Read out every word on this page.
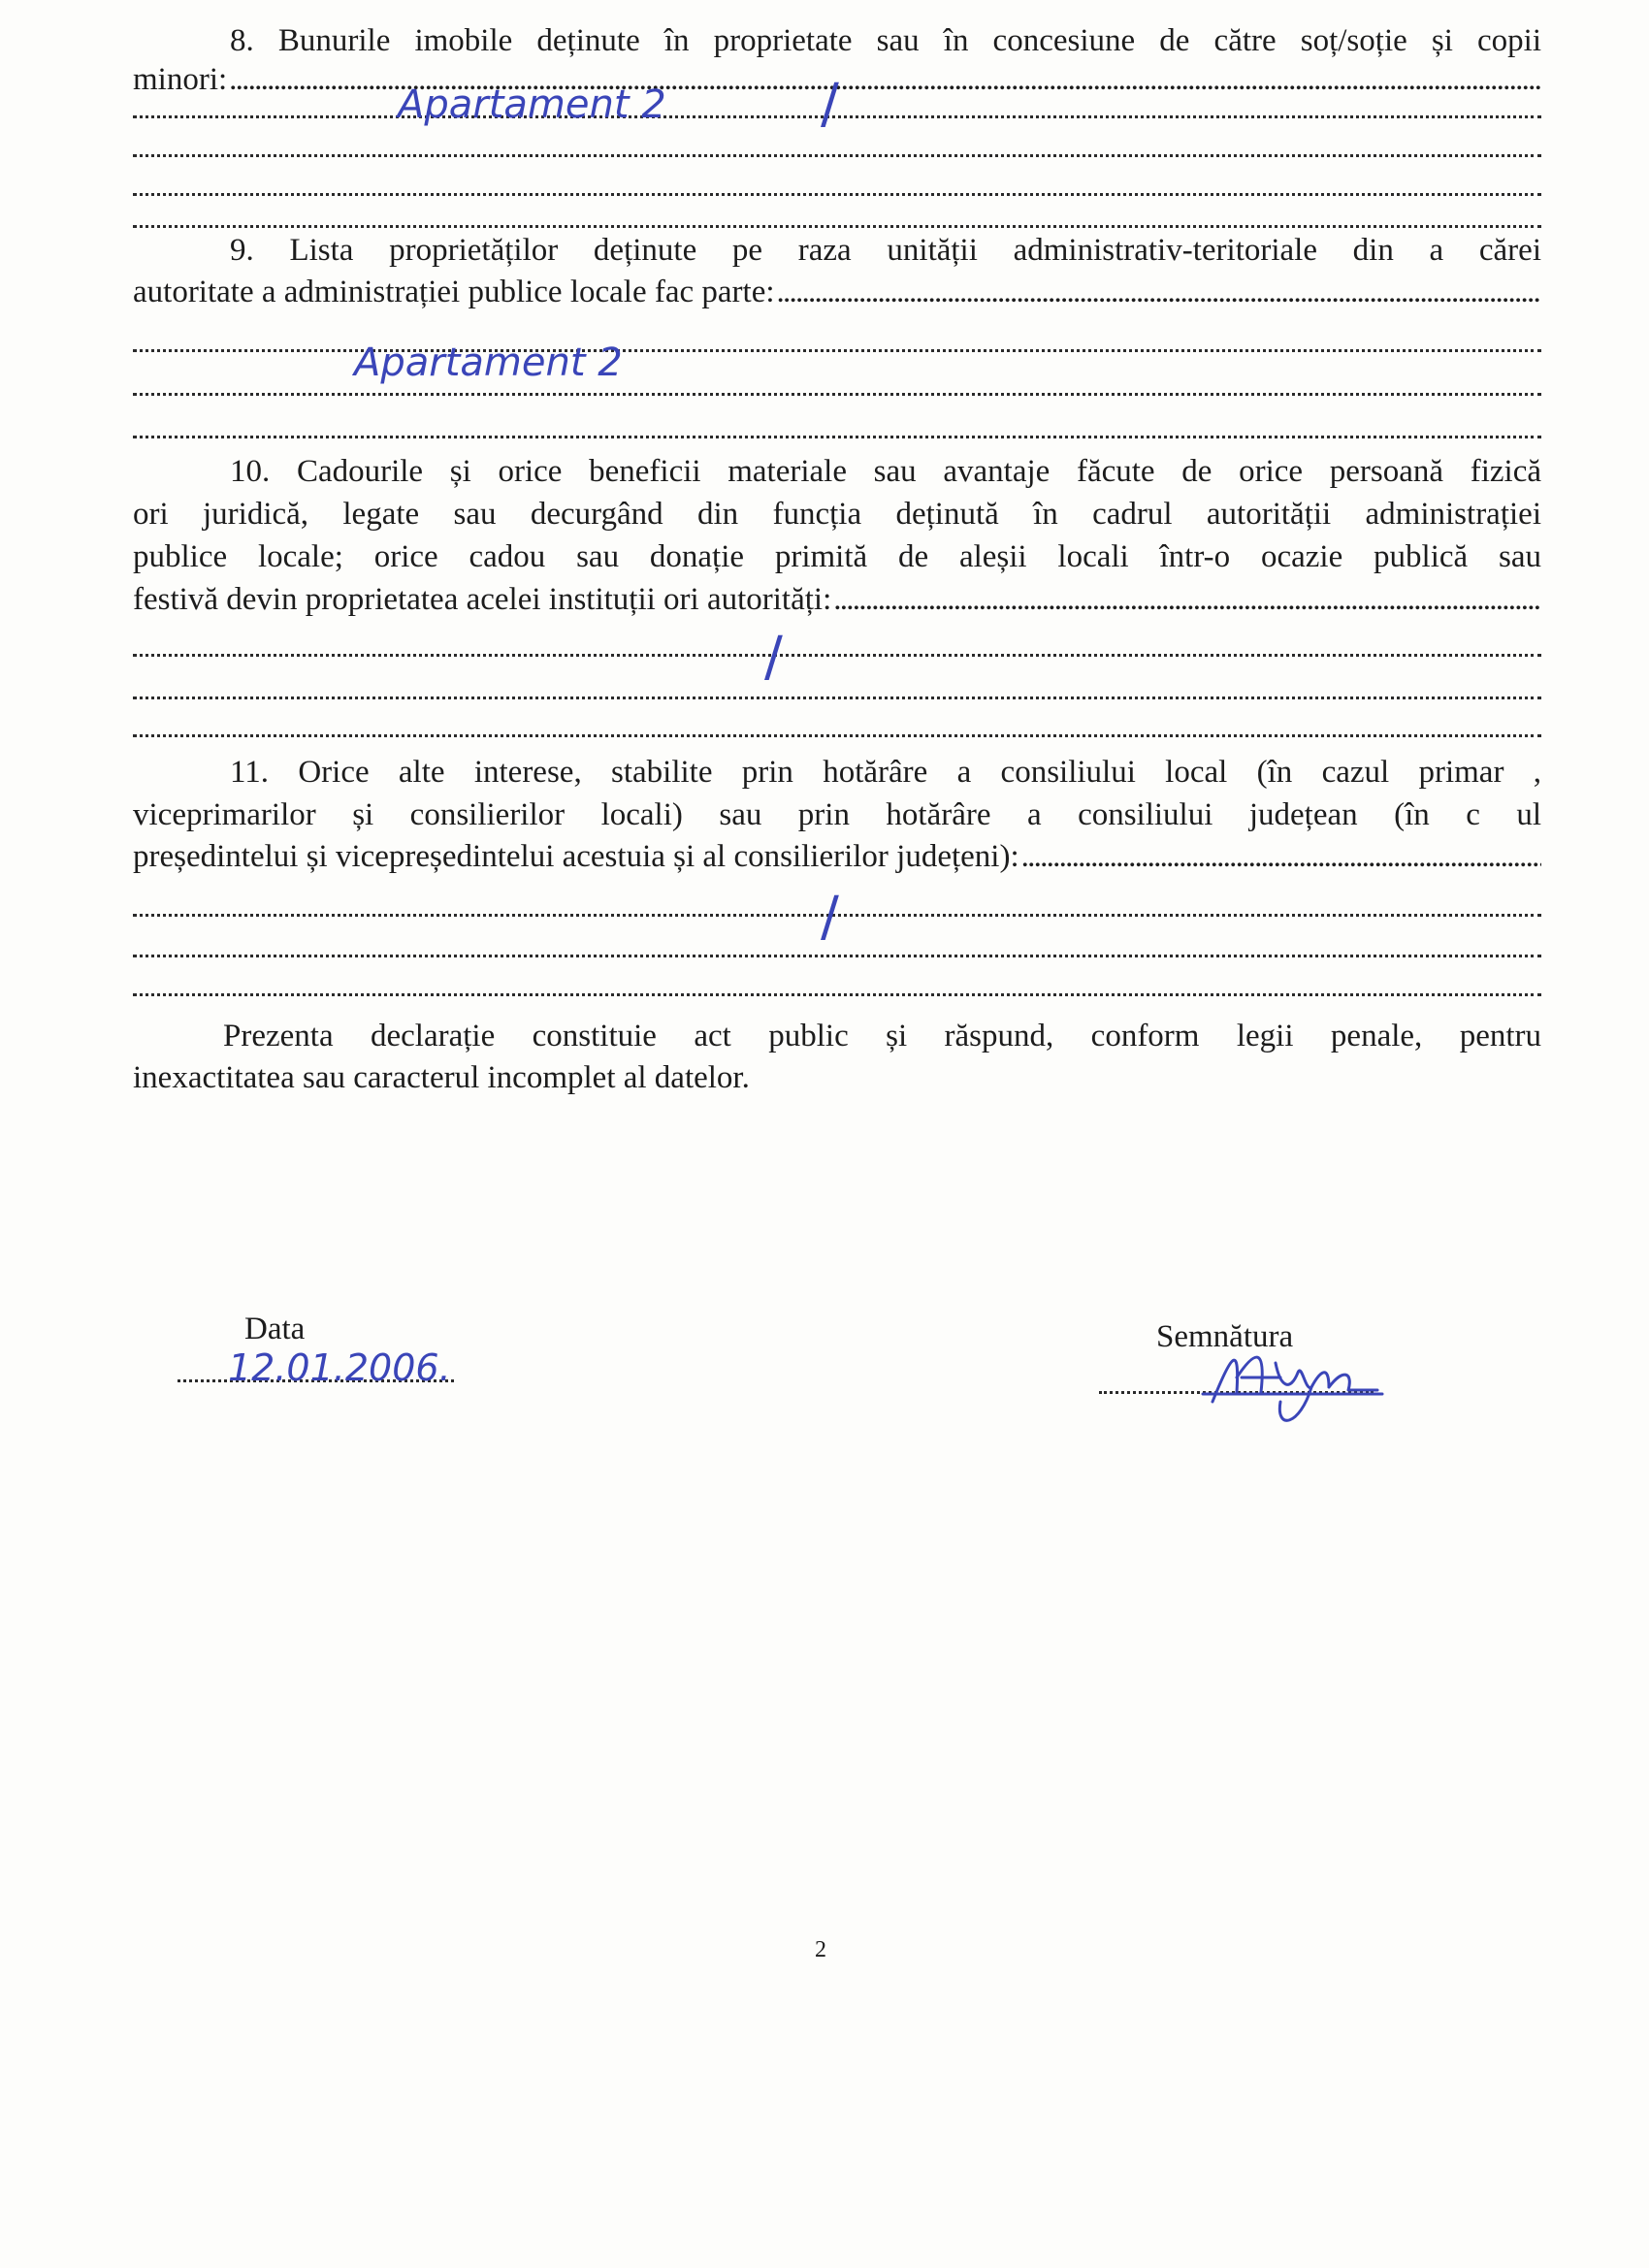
8. Bunurile imobile deținute în proprietate sau în concesiune de către soț/soție și copii
minori:
. . .
Apartament 2	/
9. Lista proprietăților deținute pe raza unității administrativ-teritoriale din a cărei
autoritate a administrației publice locale fac parte:
. . .
Apartament 2
10. Cadourile și orice beneficii materiale sau avantaje făcute de orice persoană fizică
ori juridică, legate sau decurgând din funcția deținută în cadrul autorității administrației
publice locale; orice cadou sau donație primită de aleșii locali într-o ocazie publică sau
festivă devin proprietatea acelei instituții ori autorități:
. . .
/
11. Orice alte interese, stabilite prin hotărâre a consiliului local (în cazul primar ,
viceprimarilor și consilierilor locali) sau prin hotărâre a consiliului județean (în c ul
președintelui și vicepreședintelui acestuia și al consilierilor județeni):
. . .
/
Prezenta declarație constituie act public și răspund, conform legii penale, pentru
inexactitatea sau caracterul incomplet al datelor.
Data
12.01.2006.
Semnătura
2
